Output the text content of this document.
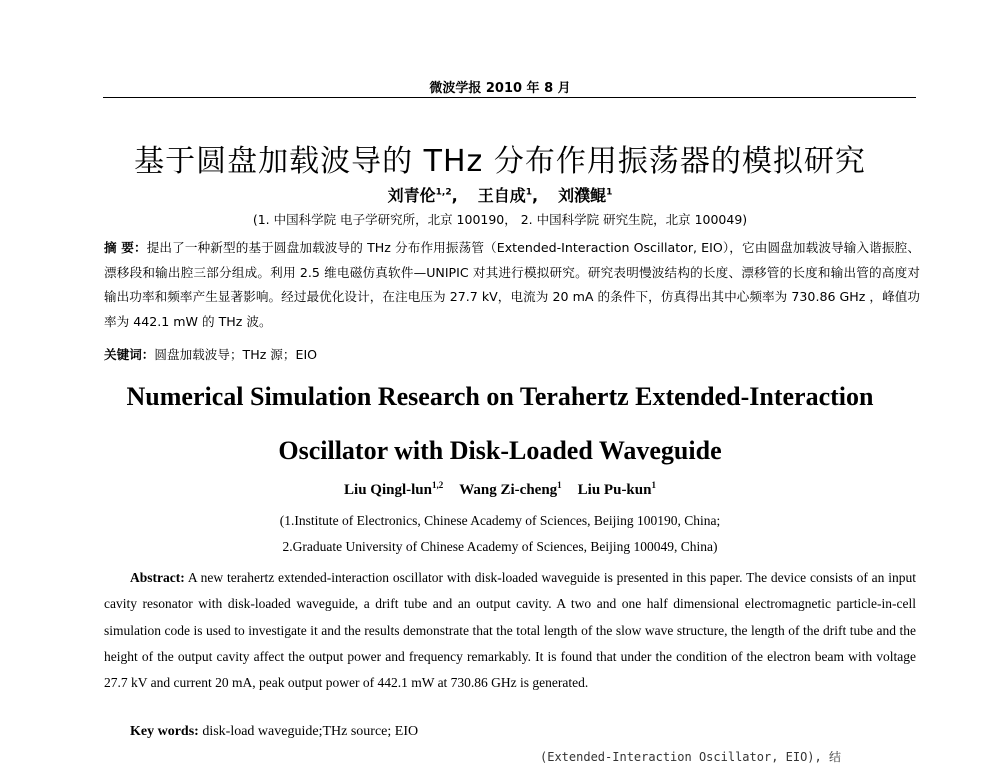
微波学报 2010 年 8 月
基于圆盘加载波导的 THz 分布作用振荡器的模拟研究
刘青伦$^{1,2}$, 王自成$^1$, 刘濮鲲$^1$
(1. 中国科学院 电子学研究所，北京 100190， 2. 中国科学院 研究生院，北京 100049)
摘 要：提出了一种新型的基于圆盘加载波导的 THz 分布作用振荡管（Extended-Interaction Oscillator, EIO），它由圆盘加载波导输入谐振腔、漂移段和输出腔三部分组成。利用 2.5 维电磁仿真软件—UNIPIC 对其进行模拟研究。研究表明慢波结构的长度、漂移管的长度和输出管的高度对输出功率和频率产生显著影响。经过最优化设计，在注电压为 27.7 kV，电流为 20 mA 的条件下，仿真得出其中心频率为 730.86 GHz ，峰值功率为 442.1 mW 的 THz 波。
关键词：圆盘加载波导；THz 源；EIO
Numerical Simulation Research on Terahertz Extended-Interaction
Oscillator with Disk-Loaded Waveguide
Liu Qingl-lun$^{1,2}$ Wang Zi-cheng$^1$ Liu Pu-kun$^1$
(1.Institute of Electronics, Chinese Academy of Sciences, Beijing 100190, China;
2.Graduate University of Chinese Academy of Sciences, Beijing 100049, China)
Abstract: A new terahertz extended-interaction oscillator with disk-loaded waveguide is presented in this paper. The device consists of an input cavity resonator with disk-loaded waveguide, a drift tube and an output cavity. A two and one half dimensional electromagnetic particle-in-cell simulation code is used to investigate it and the results demonstrate that the total length of the slow wave structure, the length of the drift tube and the height of the output cavity affect the output power and frequency remarkably. It is found that under the condition of the electron beam with voltage 27.7 kV and current 20 mA, peak output power of 442.1 mW at 730.86 GHz is generated.
Key words: disk-load waveguide;THz source; EIO
(Extended-Interaction Oscillator, EIO), 结
